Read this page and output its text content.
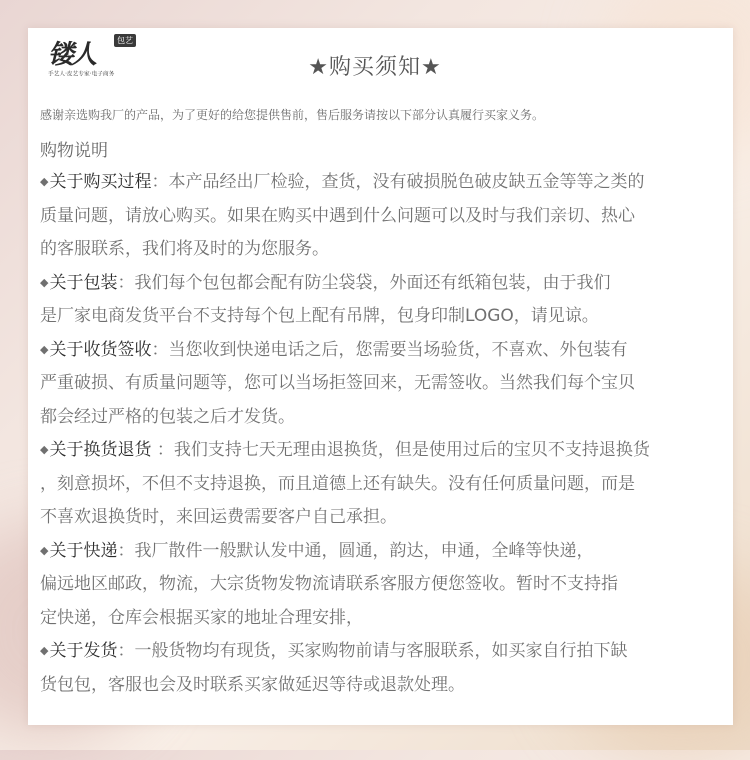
镂人	包艺
手艺人·皮艺专家·电子商务	★购买须知★
感谢亲选购我厂的产品，为了更好的给您提供售前，售后服务请按以下部分认真履行买家义务。
购物说明
◆关于购买过程：本产品经出厂检验，查货，没有破损脱色破皮缺五金等等之类的
质量问题，请放心购买。如果在购买中遇到什么问题可以及时与我们亲切、热心
的客服联系，我们将及时的为您服务。
◆关于包装：我们每个包包都会配有防尘袋袋，外面还有纸箱包装，由于我们
是厂家电商发货平台不支持每个包上配有吊牌，包身印制LOGO，请见谅。
◆关于收货签收：当您收到快递电话之后，您需要当场验货，不喜欢、外包装有
严重破损、有质量问题等，您可以当场拒签回来，无需签收。当然我们每个宝贝
都会经过严格的包装之后才发货。
◆关于换货退货 ：我们支持七天无理由退换货，但是使用过后的宝贝不支持退换货
，刻意损坏，不但不支持退换，而且道德上还有缺失。没有任何质量问题，而是
不喜欢退换货时，来回运费需要客户自己承担。
◆关于快递：我厂散件一般默认发中通，圆通，韵达，申通，全峰等快递，
偏远地区邮政，物流，大宗货物发物流请联系客服方便您签收。暂时不支持指
定快递，仓库会根据买家的地址合理安排，
◆关于发货：一般货物均有现货，买家购物前请与客服联系，如买家自行拍下缺
货包包，客服也会及时联系买家做延迟等待或退款处理。
